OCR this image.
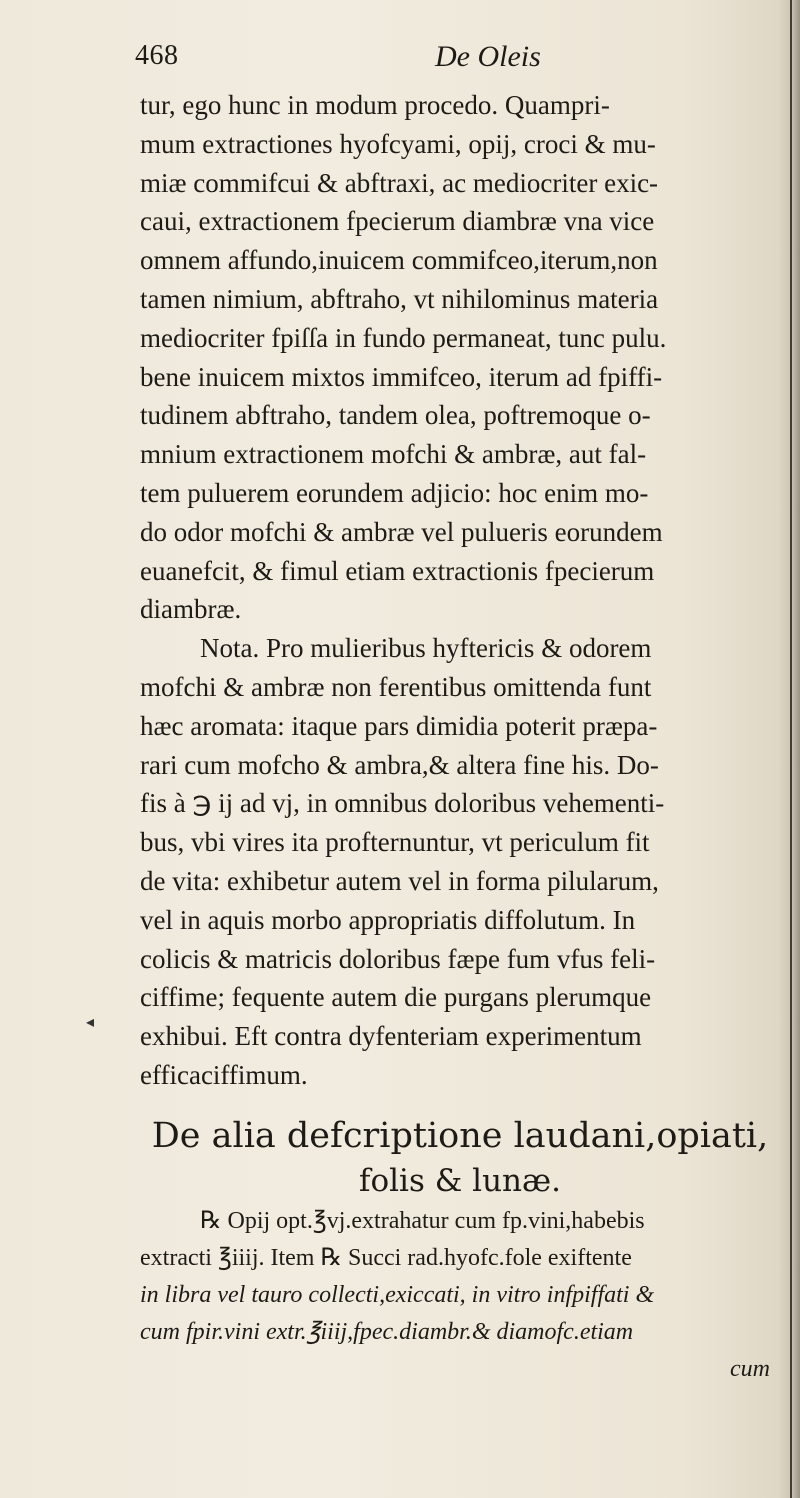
468	De Oleis
◂
tur, ego hunc in modum procedo. Quampri-
mum extractiones hyofcyami, opij, croci & mu-
miæ commifcui & abftraxi, ac mediocriter exic-
caui, extractionem fpecierum diambræ vna vice
omnem affundo,inuicem commifceo,iterum,non
tamen nimium, abftraho, vt nihilominus materia
mediocriter fpiſſa in fundo permaneat, tunc pulu.
bene inuicem mixtos immifceo, iterum ad fpiffi-
tudinem abftraho, tandem olea, poftremoque o-
mnium extractionem mofchi & ambræ, aut fal-
tem puluerem eorundem adjicio: hoc enim mo-
do odor mofchi & ambræ vel pulueris eorundem
euanefcit, & fimul etiam extractionis fpecierum
diambræ.
Nota. Pro mulieribus hyftericis & odorem
mofchi & ambræ non ferentibus omittenda funt
hæc aromata: itaque pars dimidia poterit præpa-
rari cum mofcho & ambra,& altera fine his. Do-
fis à ℈ ij ad vj, in omnibus doloribus vehementi-
bus, vbi vires ita profternuntur, vt periculum fit
de vita: exhibetur autem vel in forma pilularum,
vel in aquis morbo appropriatis diffolutum. In
colicis & matricis doloribus fæpe fum vfus feli-
ciffime; fequente autem die purgans plerumque
exhibui. Eft contra dyfenteriam experimentum
efficaciffimum.
De alia defcriptione laudani,opiati,
folis & lunæ.
℞ Opij opt.℥vj.extrahatur cum fp.vini,habebis
extracti ℥iiij. Item ℞ Succi rad.hyofc.fole exiftente
in libra vel tauro collecti,exiccati, in vitro infpiffati &
cum fpir.vini extr.℥iiij,fpec.diambr.& diamofc.etiam
cum
